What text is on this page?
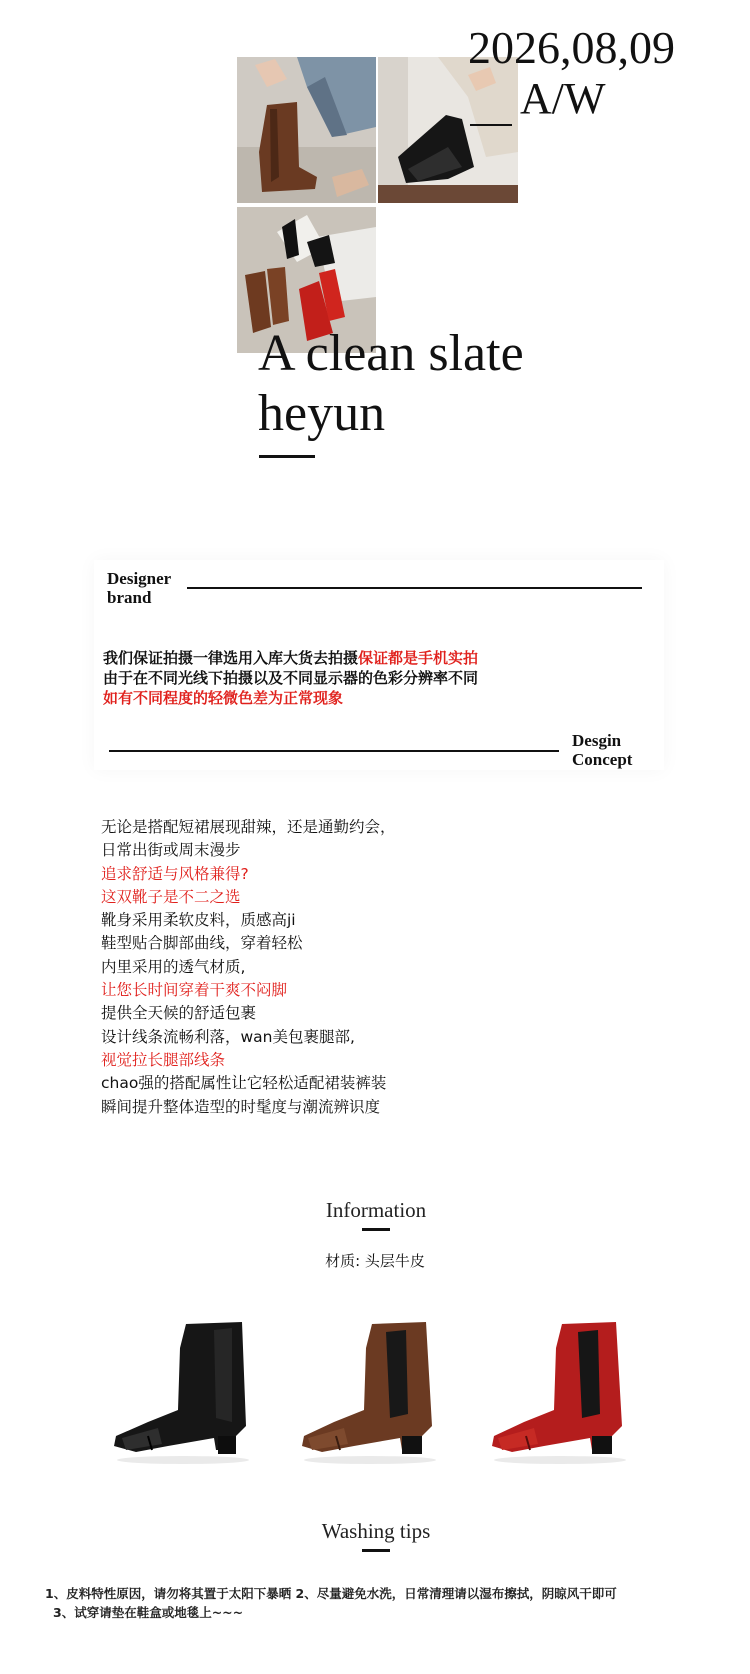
2026,08,09
A/W
A clean slate
heyun
Designer
brand
我们保证拍摄一律选用入库大货去拍摄保证都是手机实拍
由于在不同光线下拍摄以及不同显示器的色彩分辨率不同
如有不同程度的轻微色差为正常现象
Desgin
Concept
无论是搭配短裙展现甜辣，还是通勤约会，
日常出街或周末漫步
追求舒适与风格兼得?
这双靴子是不二之选
靴身采用柔软皮料，质感高ji
鞋型贴合脚部曲线，穿着轻松
内里采用的透气材质,
让您长时间穿着干爽不闷脚
提供全天候的舒适包裹
设计线条流畅利落，wan美包裹腿部,
视觉拉长腿部线条
chao强的搭配属性让它轻松适配裙装裤装
瞬间提升整体造型的时髦度与潮流辨识度
Information
材质: 头层牛皮
Washing tips
1、皮料特性原因，请勿将其置于太阳下暴晒 2、尽量避免水洗，日常清理请以湿布擦拭，阴晾风干即可
3、试穿请垫在鞋盒或地毯上~~~
